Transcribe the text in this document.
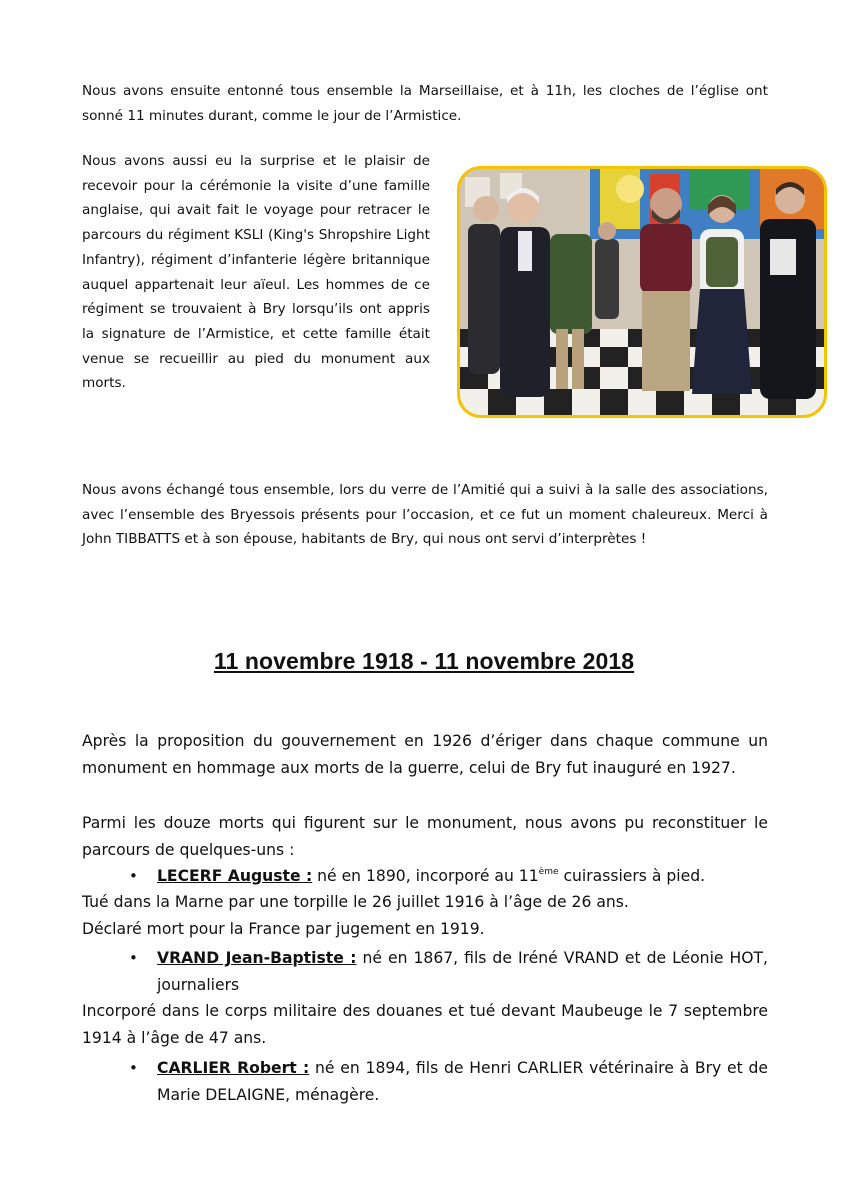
Nous avons ensuite entonné tous ensemble la Marseillaise, et à 11h, les cloches de l’église ont sonné 11 minutes durant, comme le jour de l’Armistice.

Nous avons aussi eu la surprise et le plaisir de recevoir pour la cérémonie la visite d’une famille anglaise, qui avait fait le voyage pour retracer le parcours du régiment KSLI (King's Shropshire Light Infantry), régiment d’infanterie légère britannique auquel appartenait leur aïeul. Les hommes de ce régiment se trouvaient à Bry lorsqu’ils ont appris la signature de l’Armistice, et cette famille était venue se recueillir au pied du monument aux morts.

Nous avons échangé tous ensemble, lors du verre de l’Amitié qui a suivi à la salle des associations, avec l’ensemble des Bryessois présents pour l’occasion, et ce fut un moment chaleureux. Merci à John TIBBATTS et à son épouse, habitants de Bry, qui nous ont servi d’interprètes !

11 novembre 1918 - 11 novembre 2018

Après la proposition du gouvernement en 1926 d’ériger dans chaque commune un monument en hommage aux morts de la guerre, celui de Bry fut inauguré en 1927.

Parmi les douze morts qui figurent sur le monument, nous avons pu reconstituer le parcours de quelques-uns :

• LECERF Auguste : né en 1890, incorporé au 11ème cuirassiers à pied.

Tué dans la Marne par une torpille le 26 juillet 1916 à l’âge de 26 ans.

Déclaré mort pour la France par jugement en 1919.

• VRAND Jean-Baptiste : né en 1867, fils de Iréné VRAND et de Léonie HOT, journaliers

Incorporé dans le corps militaire des douanes et tué devant Maubeuge le 7 septembre 1914 à l’âge de 47 ans.

• CARLIER Robert : né en 1894, fils de Henri CARLIER vétérinaire à Bry et de Marie DELAIGNE, ménagère.
